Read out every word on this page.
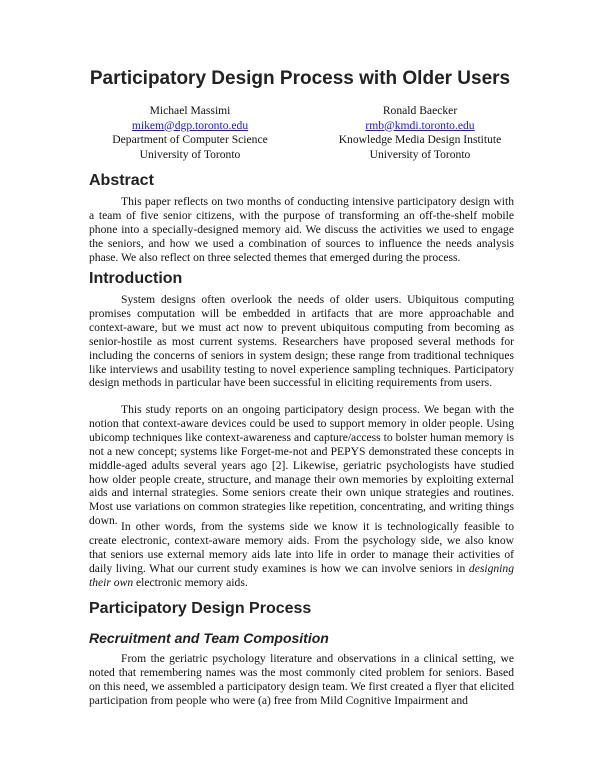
Participatory Design Process with Older Users
Michael Massimi
mikem@dgp.toronto.edu
Department of Computer Science
University of Toronto
Ronald Baecker
rmb@kmdi.toronto.edu
Knowledge Media Design Institute
University of Toronto
Abstract

This paper reflects on two months of conducting intensive participatory design with a team of five senior citizens, with the purpose of transforming an off-the-shelf mobile phone into a specially-designed memory aid. We discuss the activities we used to engage the seniors, and how we used a combination of sources to influence the needs analysis phase. We also reflect on three selected themes that emerged during the process.

Introduction

System designs often overlook the needs of older users. Ubiquitous computing promises computation will be embedded in artifacts that are more approachable and context-aware, but we must act now to prevent ubiquitous computing from becoming as senior-hostile as most current systems. Researchers have proposed several methods for including the concerns of seniors in system design; these range from traditional techniques like interviews and usability testing to novel experience sampling techniques. Participatory design methods in particular have been successful in eliciting requirements from users.

This study reports on an ongoing participatory design process. We began with the notion that context-aware devices could be used to support memory in older people. Using ubicomp techniques like context-awareness and capture/access to bolster human memory is not a new concept; systems like Forget-me-not and PEPYS demonstrated these concepts in middle-aged adults several years ago [2]. Likewise, geriatric psychologists have studied how older people create, structure, and manage their own memories by exploiting external aids and internal strategies. Some seniors create their own unique strategies and routines. Most use variations on common strategies like repetition, concentrating, and writing things down. In other words, from the systems side we know it is technologically feasible to create electronic, context-aware memory aids. From the psychology side, we also know that seniors use external memory aids late into life in order to manage their activities of daily living. What our current study examines is how we can involve seniors in designing their own electronic memory aids.

Participatory Design Process
Recruitment and Team Composition

From the geriatric psychology literature and observations in a clinical setting, we noted that remembering names was the most commonly cited problem for seniors. Based on this need, we assembled a participatory design team. We first created a flyer that elicited participation from people who were (a) free from Mild Cognitive Impairment and
